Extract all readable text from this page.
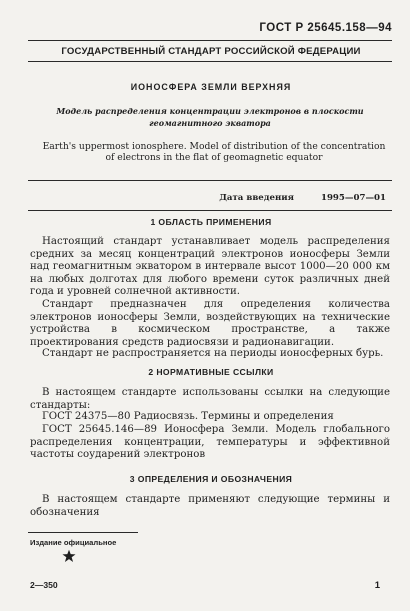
ГОСТ Р 25645.158—94
ГОСУДАРСТВЕННЫЙ СТАНДАРТ РОССИЙСКОЙ ФЕДЕРАЦИИ
ИОНОСФЕРА ЗЕМЛИ ВЕРХНЯЯ
Модель распределения концентрации электронов в плоскости геомагнитного экватора
Earth's uppermost ionosphere. Model of distribution of the concentration of electrons in the flat of geomagnetic equator
Дата введения	1995—07—01
1 ОБЛАСТЬ ПРИМЕНЕНИЯ
Настоящий стандарт устанавливает модель распределения средних за месяц концентраций электронов ионосферы Земли над геомагнитным экватором в интервале высот 1000—20 000 км на любых долготах для любого времени суток различных дней года и уровней солнечной активности.
Стандарт предназначен для определения количества электронов ионосферы Земли, воздействующих на технические устройства в космическом пространстве, а также проектирования средств радиосвязи и радионавигации.
Стандарт не распространяется на периоды ионосферных бурь.
2 НОРМАТИВНЫЕ ССЫЛКИ
В настоящем стандарте использованы ссылки на следующие стандарты:
ГОСТ 24375—80 Радиосвязь. Термины и определения
ГОСТ 25645.146—89 Ионосфера Земли. Модель глобального распределения концентрации, температуры и эффективной частоты соударений электронов
3 ОПРЕДЕЛЕНИЯ И ОБОЗНАЧЕНИЯ
В настоящем стандарте применяют следующие термины и обозначения
Издание официальное
2—350	1
